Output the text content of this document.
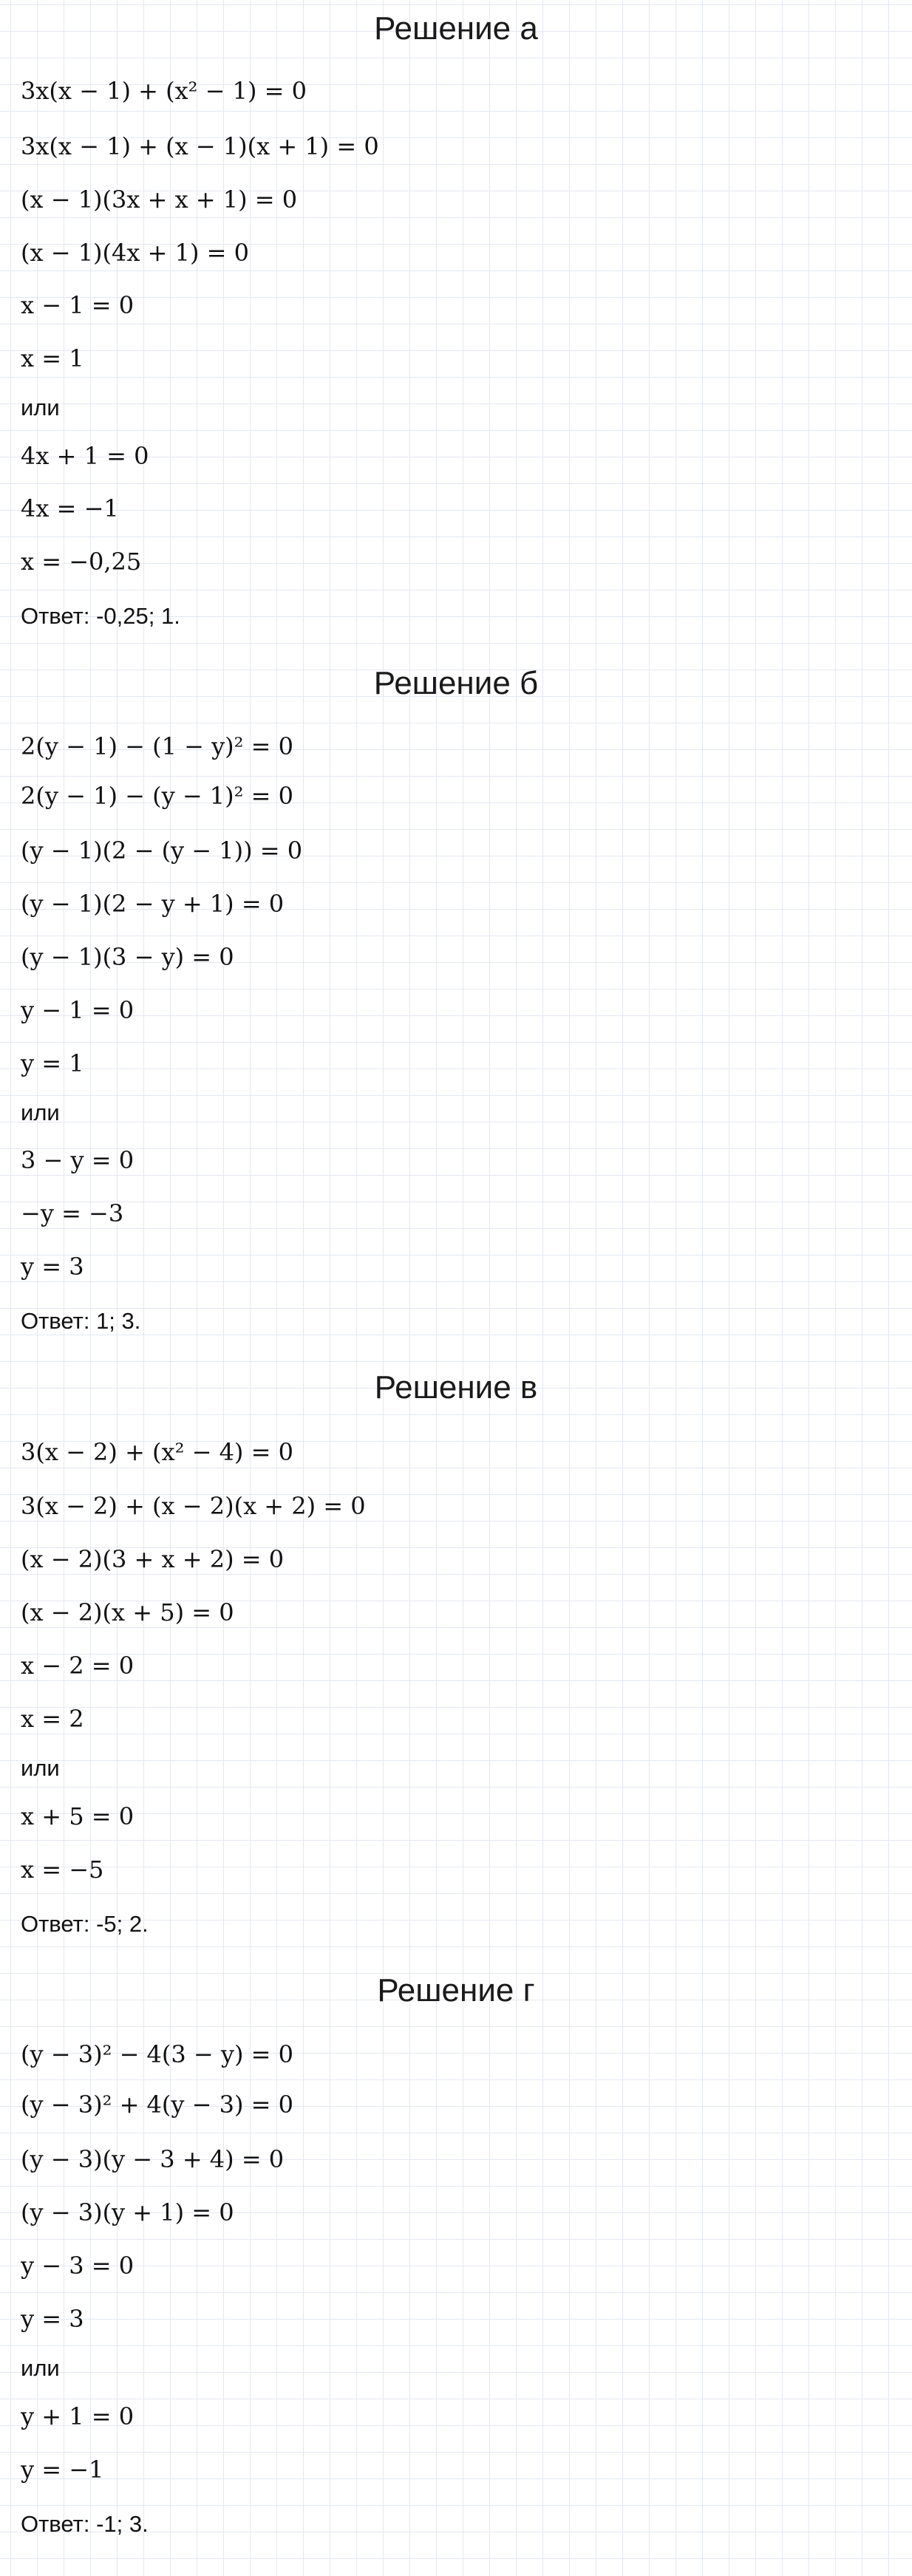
Решение а
3x(x − 1) + (x² − 1) = 0
3x(x − 1) + (x − 1)(x + 1) = 0
(x − 1)(3x + x + 1) = 0
(x − 1)(4x + 1) = 0
x − 1 = 0
x = 1
или
4x + 1 = 0
4x = −1
x = −0,25
Ответ: -0,25; 1.
Решение б
2(y − 1) − (1 − y)² = 0
2(y − 1) − (y − 1)² = 0
(y − 1)(2 − (y − 1)) = 0
(y − 1)(2 − y + 1) = 0
(y − 1)(3 − y) = 0
y − 1 = 0
y = 1
или
3 − y = 0
−y = −3
y = 3
Ответ: 1; 3.
Решение в
3(x − 2) + (x² − 4) = 0
3(x − 2) + (x − 2)(x + 2) = 0
(x − 2)(3 + x + 2) = 0
(x − 2)(x + 5) = 0
x − 2 = 0
x = 2
или
x + 5 = 0
x = −5
Ответ: -5; 2.
Решение г
(y − 3)² − 4(3 − y) = 0
(y − 3)² + 4(y − 3) = 0
(y − 3)(y − 3 + 4) = 0
(y − 3)(y + 1) = 0
y − 3 = 0
y = 3
или
y + 1 = 0
y = −1
Ответ: -1; 3.
